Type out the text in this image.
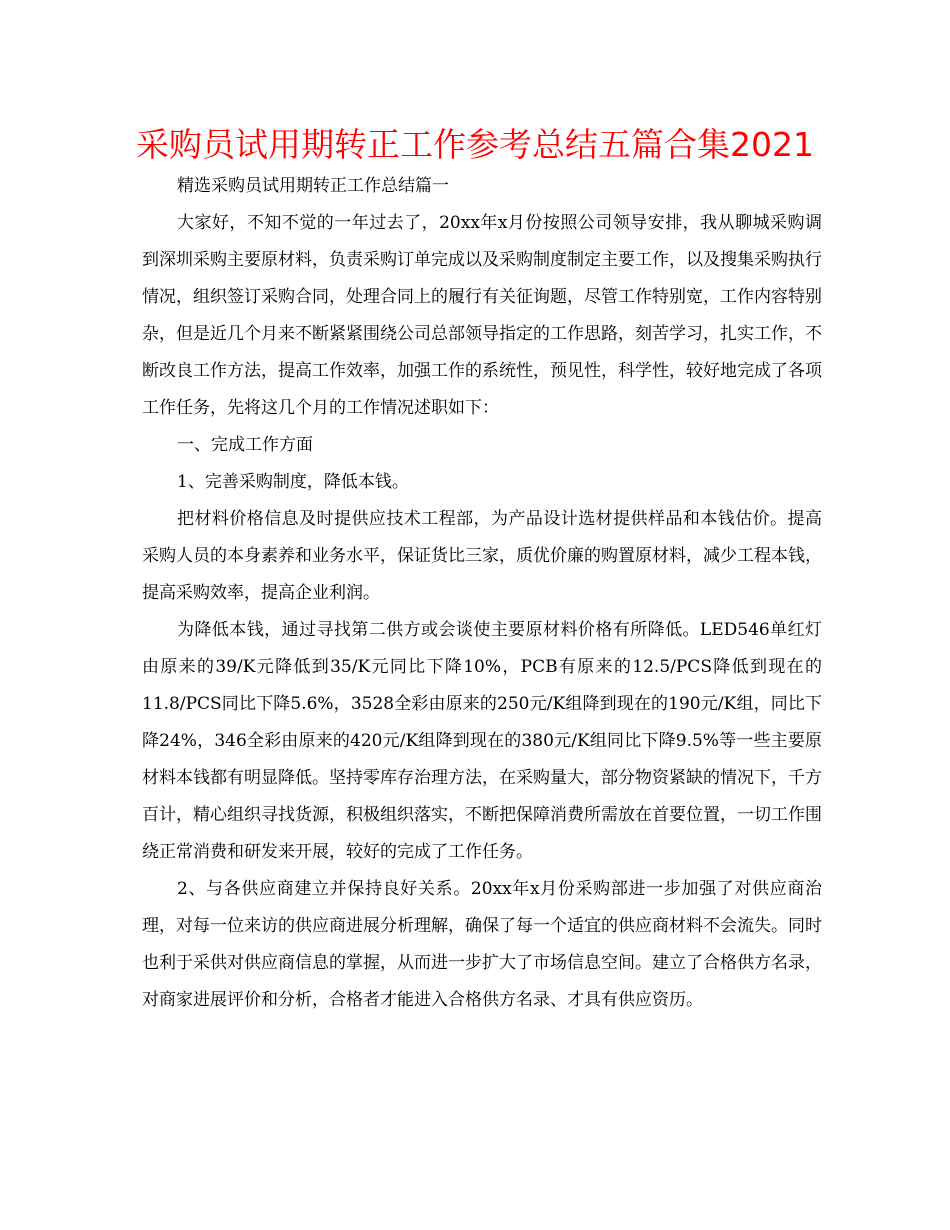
采购员试用期转正工作参考总结五篇合集2021

精选采购员试用期转正工作总结篇一

大家好，不知不觉的一年过去了，20xx年x月份按照公司领导安排，我从聊城采购调到深圳采购主要原材料，负责采购订单完成以及采购制度制定主要工作，以及搜集采购执行情况，组织签订采购合同，处理合同上的履行有关征询题，尽管工作特别宽，工作内容特别杂，但是近几个月来不断紧紧围绕公司总部领导指定的工作思路，刻苦学习，扎实工作，不断改良工作方法，提高工作效率，加强工作的系统性，预见性，科学性，较好地完成了各项工作任务，先将这几个月的工作情况述职如下：

一、完成工作方面

1、完善采购制度，降低本钱。

把材料价格信息及时提供应技术工程部，为产品设计选材提供样品和本钱估价。提高采购人员的本身素养和业务水平，保证货比三家，质优价廉的购置原材料，减少工程本钱，提高采购效率，提高企业利润。

为降低本钱，通过寻找第二供方或会谈使主要原材料价格有所降低。LED546单红灯由原来的39/K元降低到35/K元同比下降10%，PCB有原来的12.5/PCS降低到现在的11.8/PCS同比下降5.6%，3528全彩由原来的250元/K组降到现在的190元/K组，同比下降24%，346全彩由原来的420元/K组降到现在的380元/K组同比下降9.5%等一些主要原材料本钱都有明显降低。坚持零库存治理方法，在采购量大，部分物资紧缺的情况下，千方百计，精心组织寻找货源，积极组织落实，不断把保障消费所需放在首要位置，一切工作围绕正常消费和研发来开展，较好的完成了工作任务。

2、与各供应商建立并保持良好关系。20xx年x月份采购部进一步加强了对供应商治理，对每一位来访的供应商进展分析理解，确保了每一个适宜的供应商材料不会流失。同时也利于采供对供应商信息的掌握，从而进一步扩大了市场信息空间。建立了合格供方名录，对商家进展评价和分析，合格者才能进入合格供方名录、才具有供应资历。
